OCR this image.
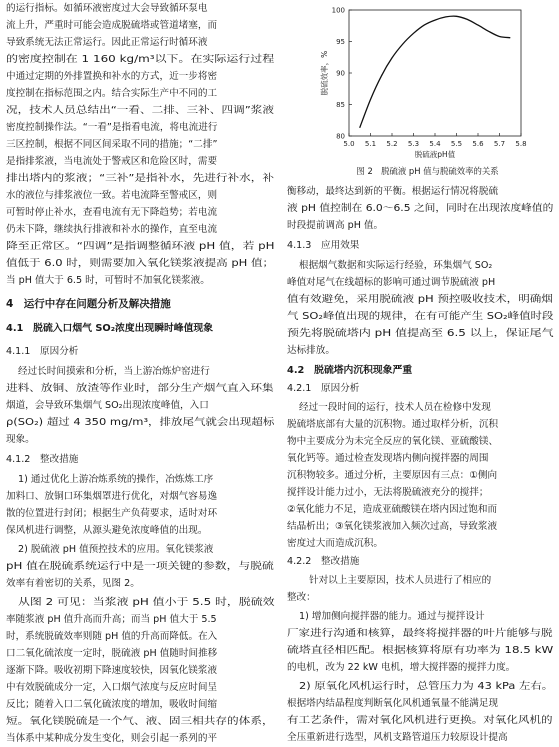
的运行指标。如循环液密度过大会导致循环泵电
流上升，严重时可能会造成脱硫塔或管道堵塞，而
导致系统无法正常运行。因此正常运行时循环液
的密度控制在 1 160 kg/m³以下。在实际运行过程
中通过定期的外排置换和补水的方式，近一步将密
度控制在指标范围之内。结合实际生产中不同的工
况，技术人员总结出“一看、二排、三补、四调”浆液
密度控制操作法。“一看”是指看电流，将电流进行
三区控制，根据不同区间采取不同的措施；“二排”
是指排浆液，当电流处于警戒区和危险区时，需要
排出塔内的浆液；“三补”是指补水，先进行补水，补
水的液位与排浆液位一致。若电流降至警戒区，则
可暂时停止补水，查看电流有无下降趋势；若电流
仍未下降，继续执行排液和补水的操作，直至电流
降至正常区。“四调”是指调整循环液 pH 值，若 pH
值低于 6.0 时，则需要加入氧化镁浆液提高 pH 值；
当 pH 值大于 6.5 时，可暂时不加氧化镁浆液。
4　运行中存在问题分析及解决措施
4.1　脱硫入口烟气 SO₂浓度出现瞬时峰值现象
4.1.1　原因分析
经过长时间摸索和分析，当上游冶炼炉窑进行
进料、放铜、放渣等作业时，部分生产烟气直入环集
烟道，会导致环集烟气 SO₂出现浓度峰值，入口
ρ(SO₂) 超过 4 350 mg/m³，排放尾气就会出现超标
现象。
4.1.2　整改措施
1) 通过优化上游冶炼系统的操作，冶炼炼工序
加料口、放铜口环集烟罩进行优化，对烟气容易逸
散的位置进行封闭；根据生产负荷要求，适时对环
保风机进行调整，从源头避免浓度峰值的出现。
2) 脱硫液 pH 值预控技术的应用。氧化镁浆液
pH 值在脱硫系统运行中是一项关键的参数，与脱硫
效率有着密切的关系，见图 2。
从图 2 可见：当浆液 pH 值小于 5.5 时，脱硫效
率随浆液 pH 值升高而升高；而当 pH 值大于 5.5
时，系统脱硫效率则随 pH 值的升高而降低。在入
口二氧化硫浓度一定时，脱硫液 pH 值随时间推移
逐渐下降。吸收初期下降速度较快，因氧化镁浆液
中有效脱硫成分一定，入口烟气浓度与反应时间呈
反比；随着入口二氧化硫浓度的增加，吸收时间缩
短。氧化镁脱硫是一个气、液、固三相共存的体系，
当体系中某种成分发生变化，则会引起一系列的平
衡移动，最终达到新的平衡。根据运行情况将脱硫
液 pH 值控制在 6.0～6.5 之间，同时在出现浓度峰值的
时段提前调高 pH 值。
4.1.3　应用效果
根据烟气数据和实际运行经验，环集烟气 SO₂
峰值对尾气在线超标的影响可通过调节脱硫液 pH
值有效避免，采用脱硫液 pH 预控吸收技术，明确烟
气 SO₂峰值出现的规律，在有可能产生 SO₂峰值时段
预先将脱硫塔内 pH 值提高至 6.5 以上，保证尾气
达标排放。
4.2　脱硫塔内沉积现象严重
4.2.1　原因分析
经过一段时间的运行，技术人员在检修中发现
脱硫塔底部有大量的沉积物。通过取样分析，沉积
物中主要成分为未完全反应的氧化镁、亚硫酸镁、
氧化钙等。通过检查发现塔内侧向搅拌器的周围
沉积物较多。通过分析，主要原因有三点：①侧向
搅拌设计能力过小，无法将脱硫液充分的搅拌；
②氧化能力不足，造成亚硫酸镁在塔内因过饱和而
结晶析出；③氧化镁浆液加入频次过高，导致浆液
密度过大而造成沉积。
4.2.2　整改措施
针对以上主要原因，技术人员进行了相应的
整改：
1) 增加侧向搅拌器的能力。通过与搅拌设计
厂家进行沟通和核算，最终将搅拌器的叶片能够与脱
硫塔直径相匹配。根据核算将原有功率为 18.5 kW
的电机，改为 22 kW 电机，增大搅拌器的搅拌力度。
2) 原氧化风机运行时，总管压力为 43 kPa 左右。
根据塔内结晶程度判断氧化风机通氧量不能满足现
有工艺条件，需对氧化风机进行更换。对氧化风机的
全压重新进行选型，风机支路管道压力较原设计提高
5.0 5.1 5.2 5.3 5.4 5.5 5.6 5.7 5.8
80
85
90
95
100
脱硫液pH值
脱硫效率，%
图 2　脱硫液 pH 值与脱硫效率的关系
